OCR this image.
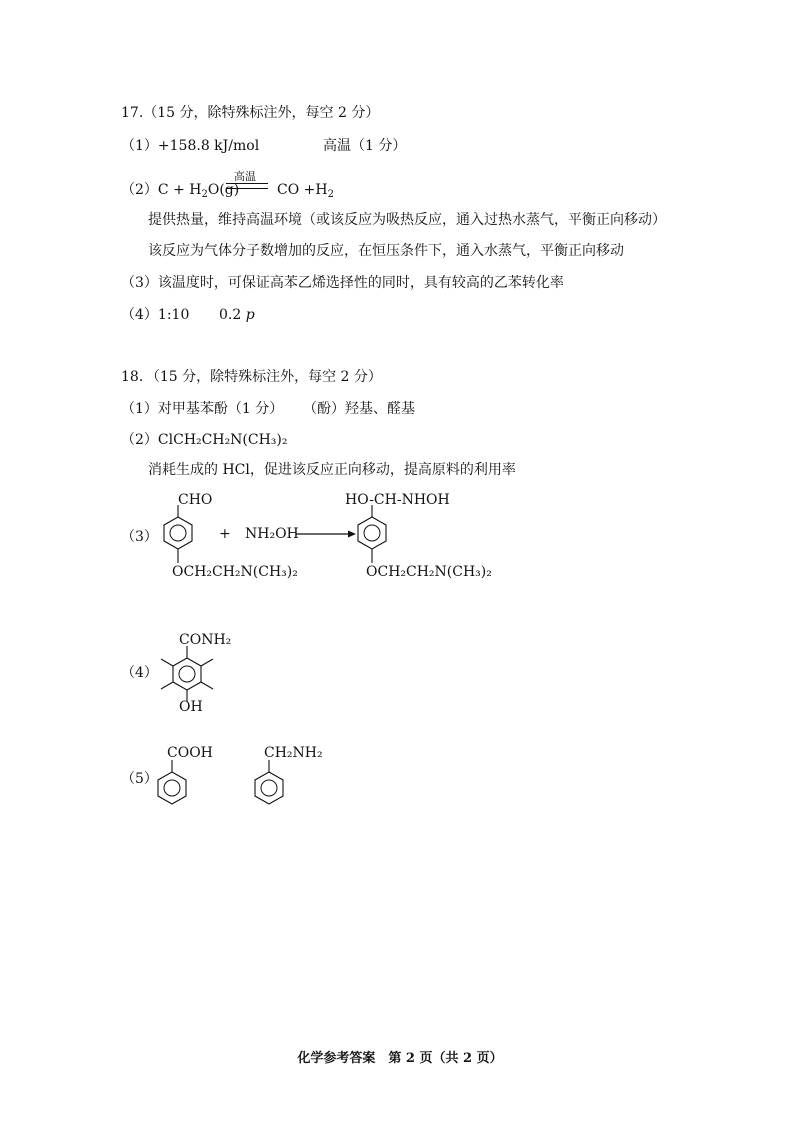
17.（15 分，除特殊标注外，每空 2 分）
（1）+158.8 kJ/mol	高温（1 分）
$(2)C + H_2O(g)$
高温
CO $+H_2$
提供热量，维持高温环境（或该反应为吸热反应，通入过热水蒸气，平衡正向移动）
该反应为气体分子数增加的反应，在恒压条件下，通入水蒸气，平衡正向移动
（3）该温度时，可保证高苯乙烯选择性的同时，具有较高的乙苯转化率
（4）1:10 0.2 p
18．（15 分，除特殊标注外，每空 2 分）
（1）对甲基苯酚（1 分） （酚）羟基、醛基
（2）ClCH₂CH₂N(CH₃)₂
消耗生成的 HCl，促进该反应正向移动，提高原料的利用率
（3）
CHO
OCH₂CH₂N(CH₃)₂
+ NH₂OH
HO-CH-NHOH
OCH₂CH₂N(CH₃)₂
（4）
CONH₂
OH
（5）
COOH	CH₂NH₂
化学参考答案　第 2 页（共 2 页）
